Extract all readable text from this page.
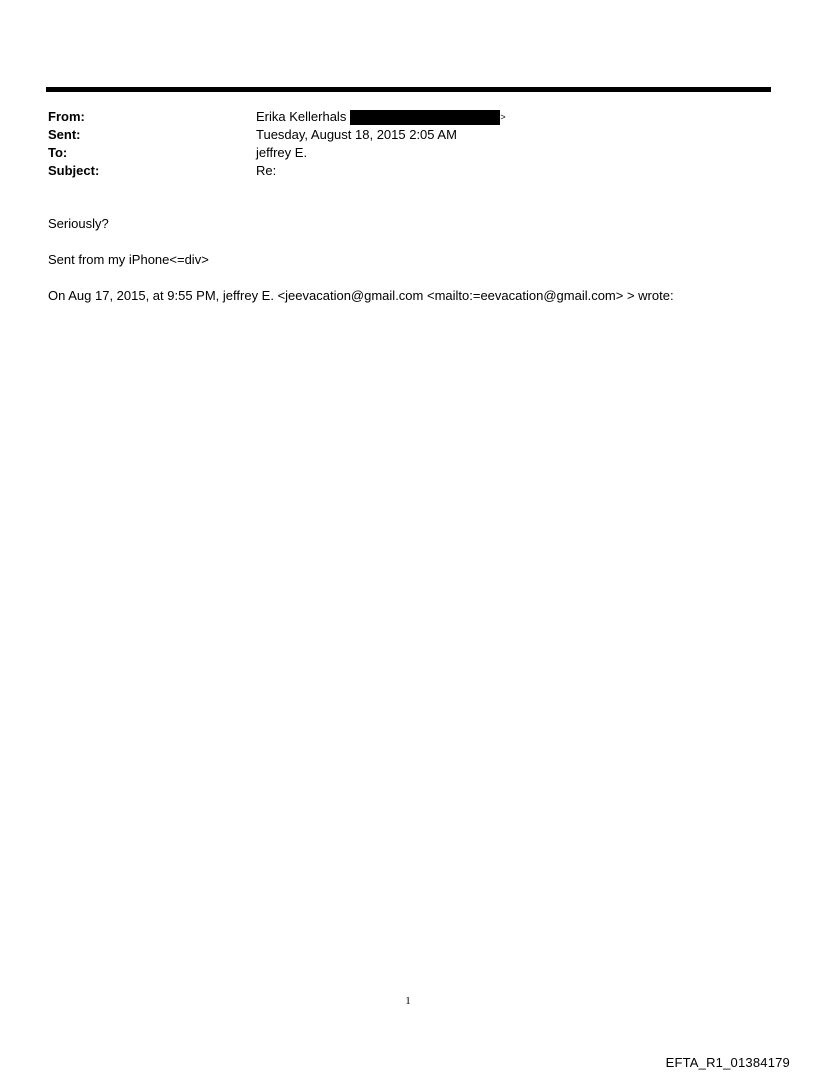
From:	Erika Kellerhals	>
Sent:	Tuesday, August 18, 2015 2:05 AM
To:	jeffrey E.
Subject:	Re:
Seriously?
Sent from my iPhone<=div>
On Aug 17, 2015, at 9:55 PM, jeffrey E. <jeevacation@gmail.com <mailto:=eevacation@gmail.com> > wrote:
1
EFTA_R1_01384179
